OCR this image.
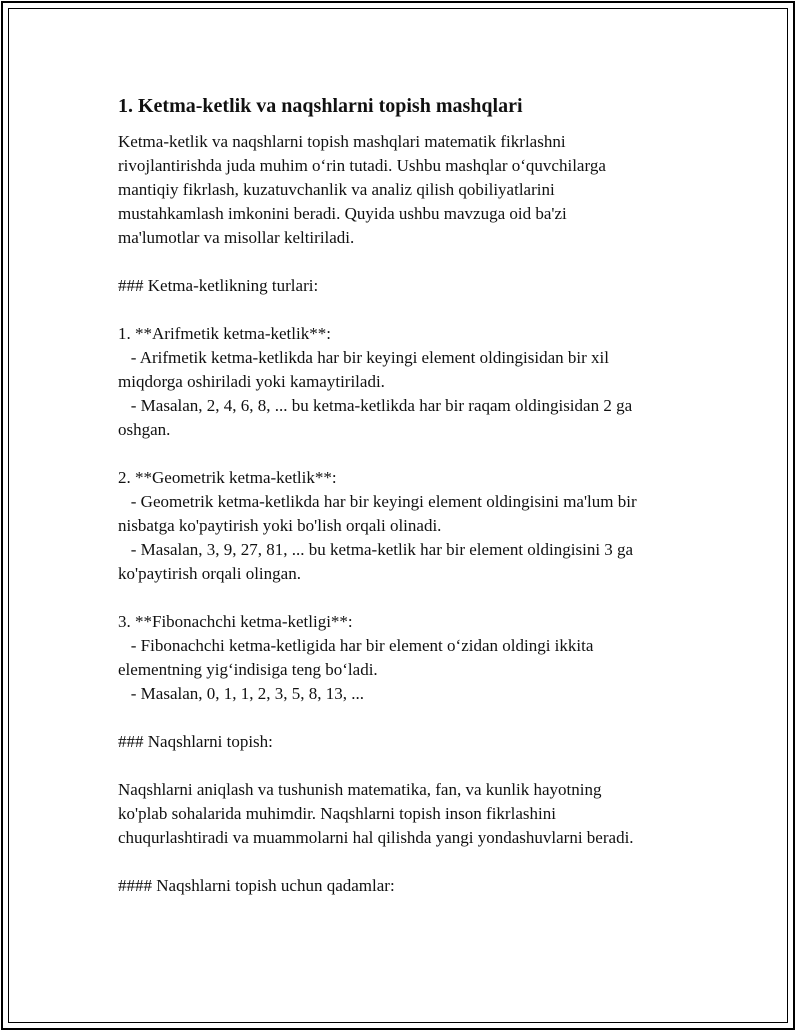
1. Ketma-ketlik va naqshlarni topish mashqlari
Ketma-ketlik va naqshlarni topish mashqlari matematik fikrlashni
rivojlantirishda juda muhim o‘rin tutadi. Ushbu mashqlar o‘quvchilarga
mantiqiy fikrlash, kuzatuvchanlik va analiz qilish qobiliyatlarini
mustahkamlash imkonini beradi. Quyida ushbu mavzuga oid ba'zi
ma'lumotlar va misollar keltiriladi.
### Ketma-ketlikning turlari:
1. **Arifmetik ketma-ketlik**:
- Arifmetik ketma-ketlikda har bir keyingi element oldingisidan bir xil
miqdorga oshiriladi yoki kamaytiriladi.
- Masalan, 2, 4, 6, 8, ... bu ketma-ketlikda har bir raqam oldingisidan 2 ga
oshgan.
2. **Geometrik ketma-ketlik**:
- Geometrik ketma-ketlikda har bir keyingi element oldingisini ma'lum bir
nisbatga ko'paytirish yoki bo'lish orqali olinadi.
- Masalan, 3, 9, 27, 81, ... bu ketma-ketlik har bir element oldingisini 3 ga
ko'paytirish orqali olingan.
3. **Fibonachchi ketma-ketligi**:
- Fibonachchi ketma-ketligida har bir element o‘zidan oldingi ikkita
elementning yig‘indisiga teng bo‘ladi.
- Masalan, 0, 1, 1, 2, 3, 5, 8, 13, ...
### Naqshlarni topish:
Naqshlarni aniqlash va tushunish matematika, fan, va kunlik hayotning
ko'plab sohalarida muhimdir. Naqshlarni topish inson fikrlashini
chuqurlashtiradi va muammolarni hal qilishda yangi yondashuvlarni beradi.
#### Naqshlarni topish uchun qadamlar:
